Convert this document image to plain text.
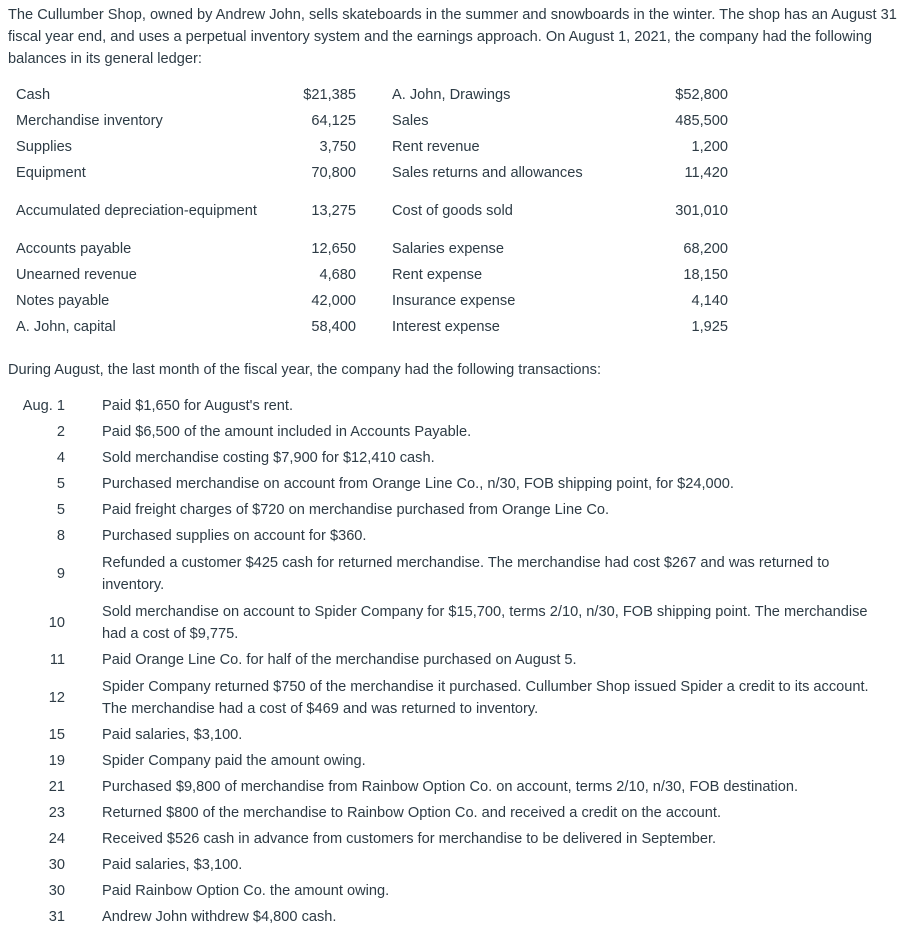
The Cullumber Shop, owned by Andrew John, sells skateboards in the summer and snowboards in the winter. The shop has an August 31 fiscal year end, and uses a perpetual inventory system and the earnings approach. On August 1, 2021, the company had the following balances in its general ledger:

Cash	$21,385	A. John, Drawings	$52,800
Merchandise inventory	64,125	Sales	485,500
Supplies	3,750	Rent revenue	1,200
Equipment	70,800	Sales returns and allowances	11,420
Accumulated depreciation-equipment	13,275	Cost of goods sold	301,010
Accounts payable	12,650	Salaries expense	68,200
Unearned revenue	4,680	Rent expense	18,150
Notes payable	42,000	Insurance expense	4,140
A. John, capital	58,400	Interest expense	1,925

During August, the last month of the fiscal year, the company had the following transactions:

Aug. 1	Paid $1,650 for August's rent.
2	Paid $6,500 of the amount included in Accounts Payable.
4	Sold merchandise costing $7,900 for $12,410 cash.
5	Purchased merchandise on account from Orange Line Co., n/30, FOB shipping point, for $24,000.
5	Paid freight charges of $720 on merchandise purchased from Orange Line Co.
8	Purchased supplies on account for $360.
9	Refunded a customer $425 cash for returned merchandise. The merchandise had cost $267 and was returned to inventory.
10	Sold merchandise on account to Spider Company for $15,700, terms 2/10, n/30, FOB shipping point. The merchandise had a cost of $9,775.
11	Paid Orange Line Co. for half of the merchandise purchased on August 5.
12	Spider Company returned $750 of the merchandise it purchased. Cullumber Shop issued Spider a credit to its account. The merchandise had a cost of $469 and was returned to inventory.
15	Paid salaries, $3,100.
19	Spider Company paid the amount owing.
21	Purchased $9,800 of merchandise from Rainbow Option Co. on account, terms 2/10, n/30, FOB destination.
23	Returned $800 of the merchandise to Rainbow Option Co. and received a credit on the account.
24	Received $526 cash in advance from customers for merchandise to be delivered in September.
30	Paid salaries, $3,100.
30	Paid Rainbow Option Co. the amount owing.
31	Andrew John withdrew $4,800 cash.
